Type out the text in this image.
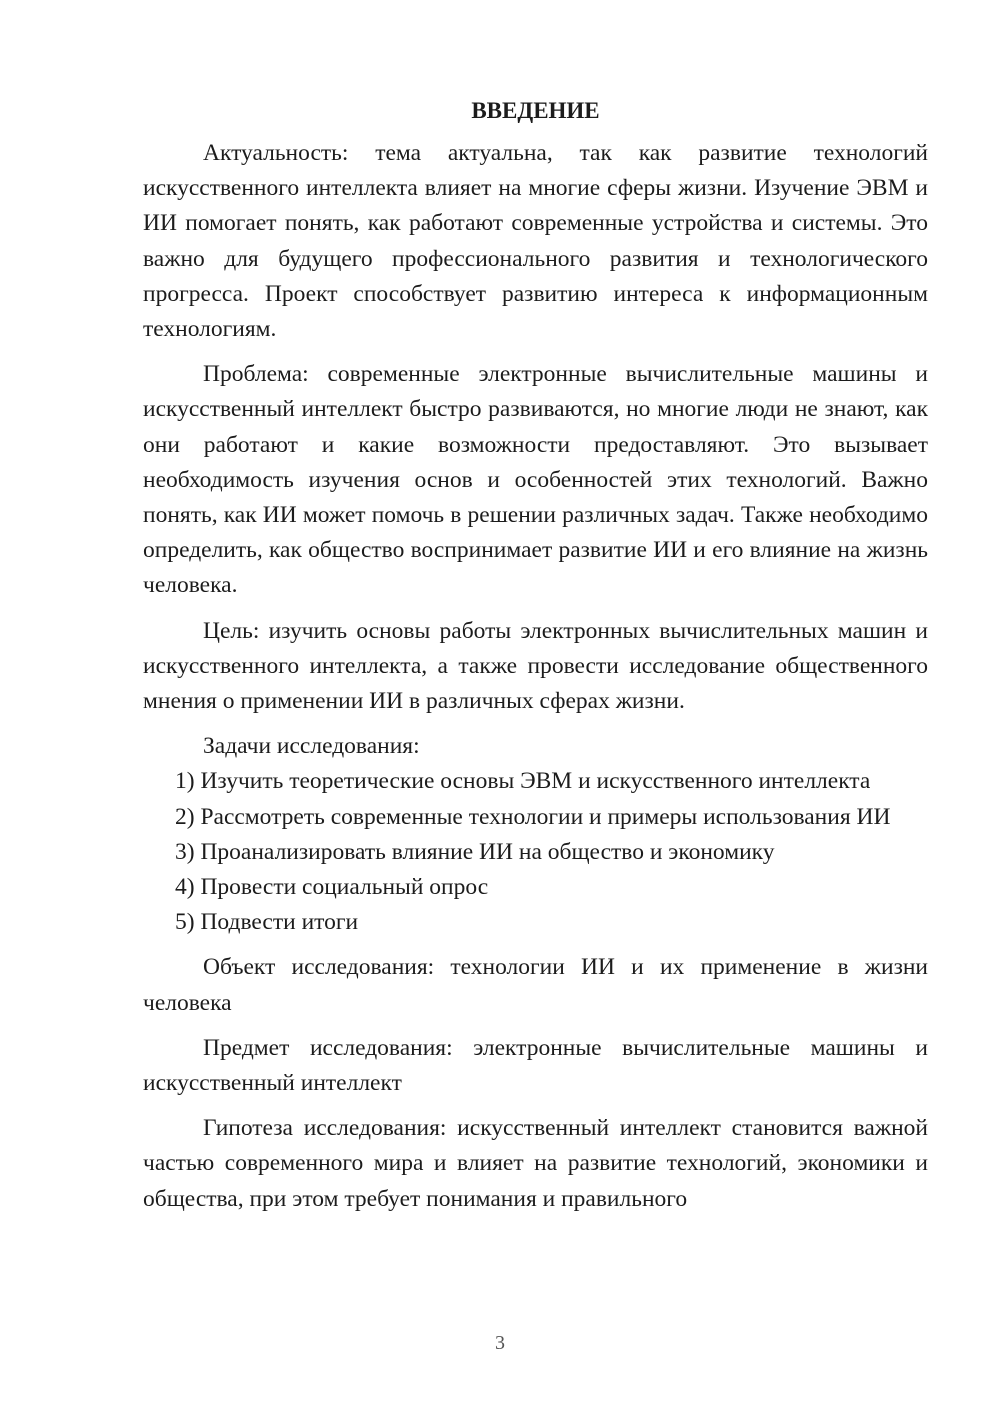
ВВЕДЕНИЕ

Актуальность: тема актуальна, так как развитие технологий искусственного интеллекта влияет на многие сферы жизни. Изучение ЭВМ и ИИ помогает понять, как работают современные устройства и системы. Это важно для будущего профессионального развития и технологического прогресса. Проект способствует развитию интереса к информационным технологиям.

Проблема: современные электронные вычислительные машины и искусственный интеллект быстро развиваются, но многие люди не знают, как они работают и какие возможности предоставляют. Это вызывает необходимость изучения основ и особенностей этих технологий. Важно понять, как ИИ может помочь в решении различных задач. Также необходимо определить, как общество воспринимает развитие ИИ и его влияние на жизнь человека.

Цель: изучить основы работы электронных вычислительных машин и искусственного интеллекта, а также провести исследование общественного мнения о применении ИИ в различных сферах жизни.

Задачи исследования:

1) Изучить теоретические основы ЭВМ и искусственного интеллекта

2) Рассмотреть современные технологии и примеры использования ИИ

3) Проанализировать влияние ИИ на общество и экономику

4) Провести социальный опрос

5) Подвести итоги

Объект исследования: технологии ИИ и их применение в жизни человека

Предмет исследования: электронные вычислительные машины и искусственный интеллект

Гипотеза исследования: искусственный интеллект становится важной частью современного мира и влияет на развитие технологий, экономики и общества, при этом требует понимания и правильного

3
